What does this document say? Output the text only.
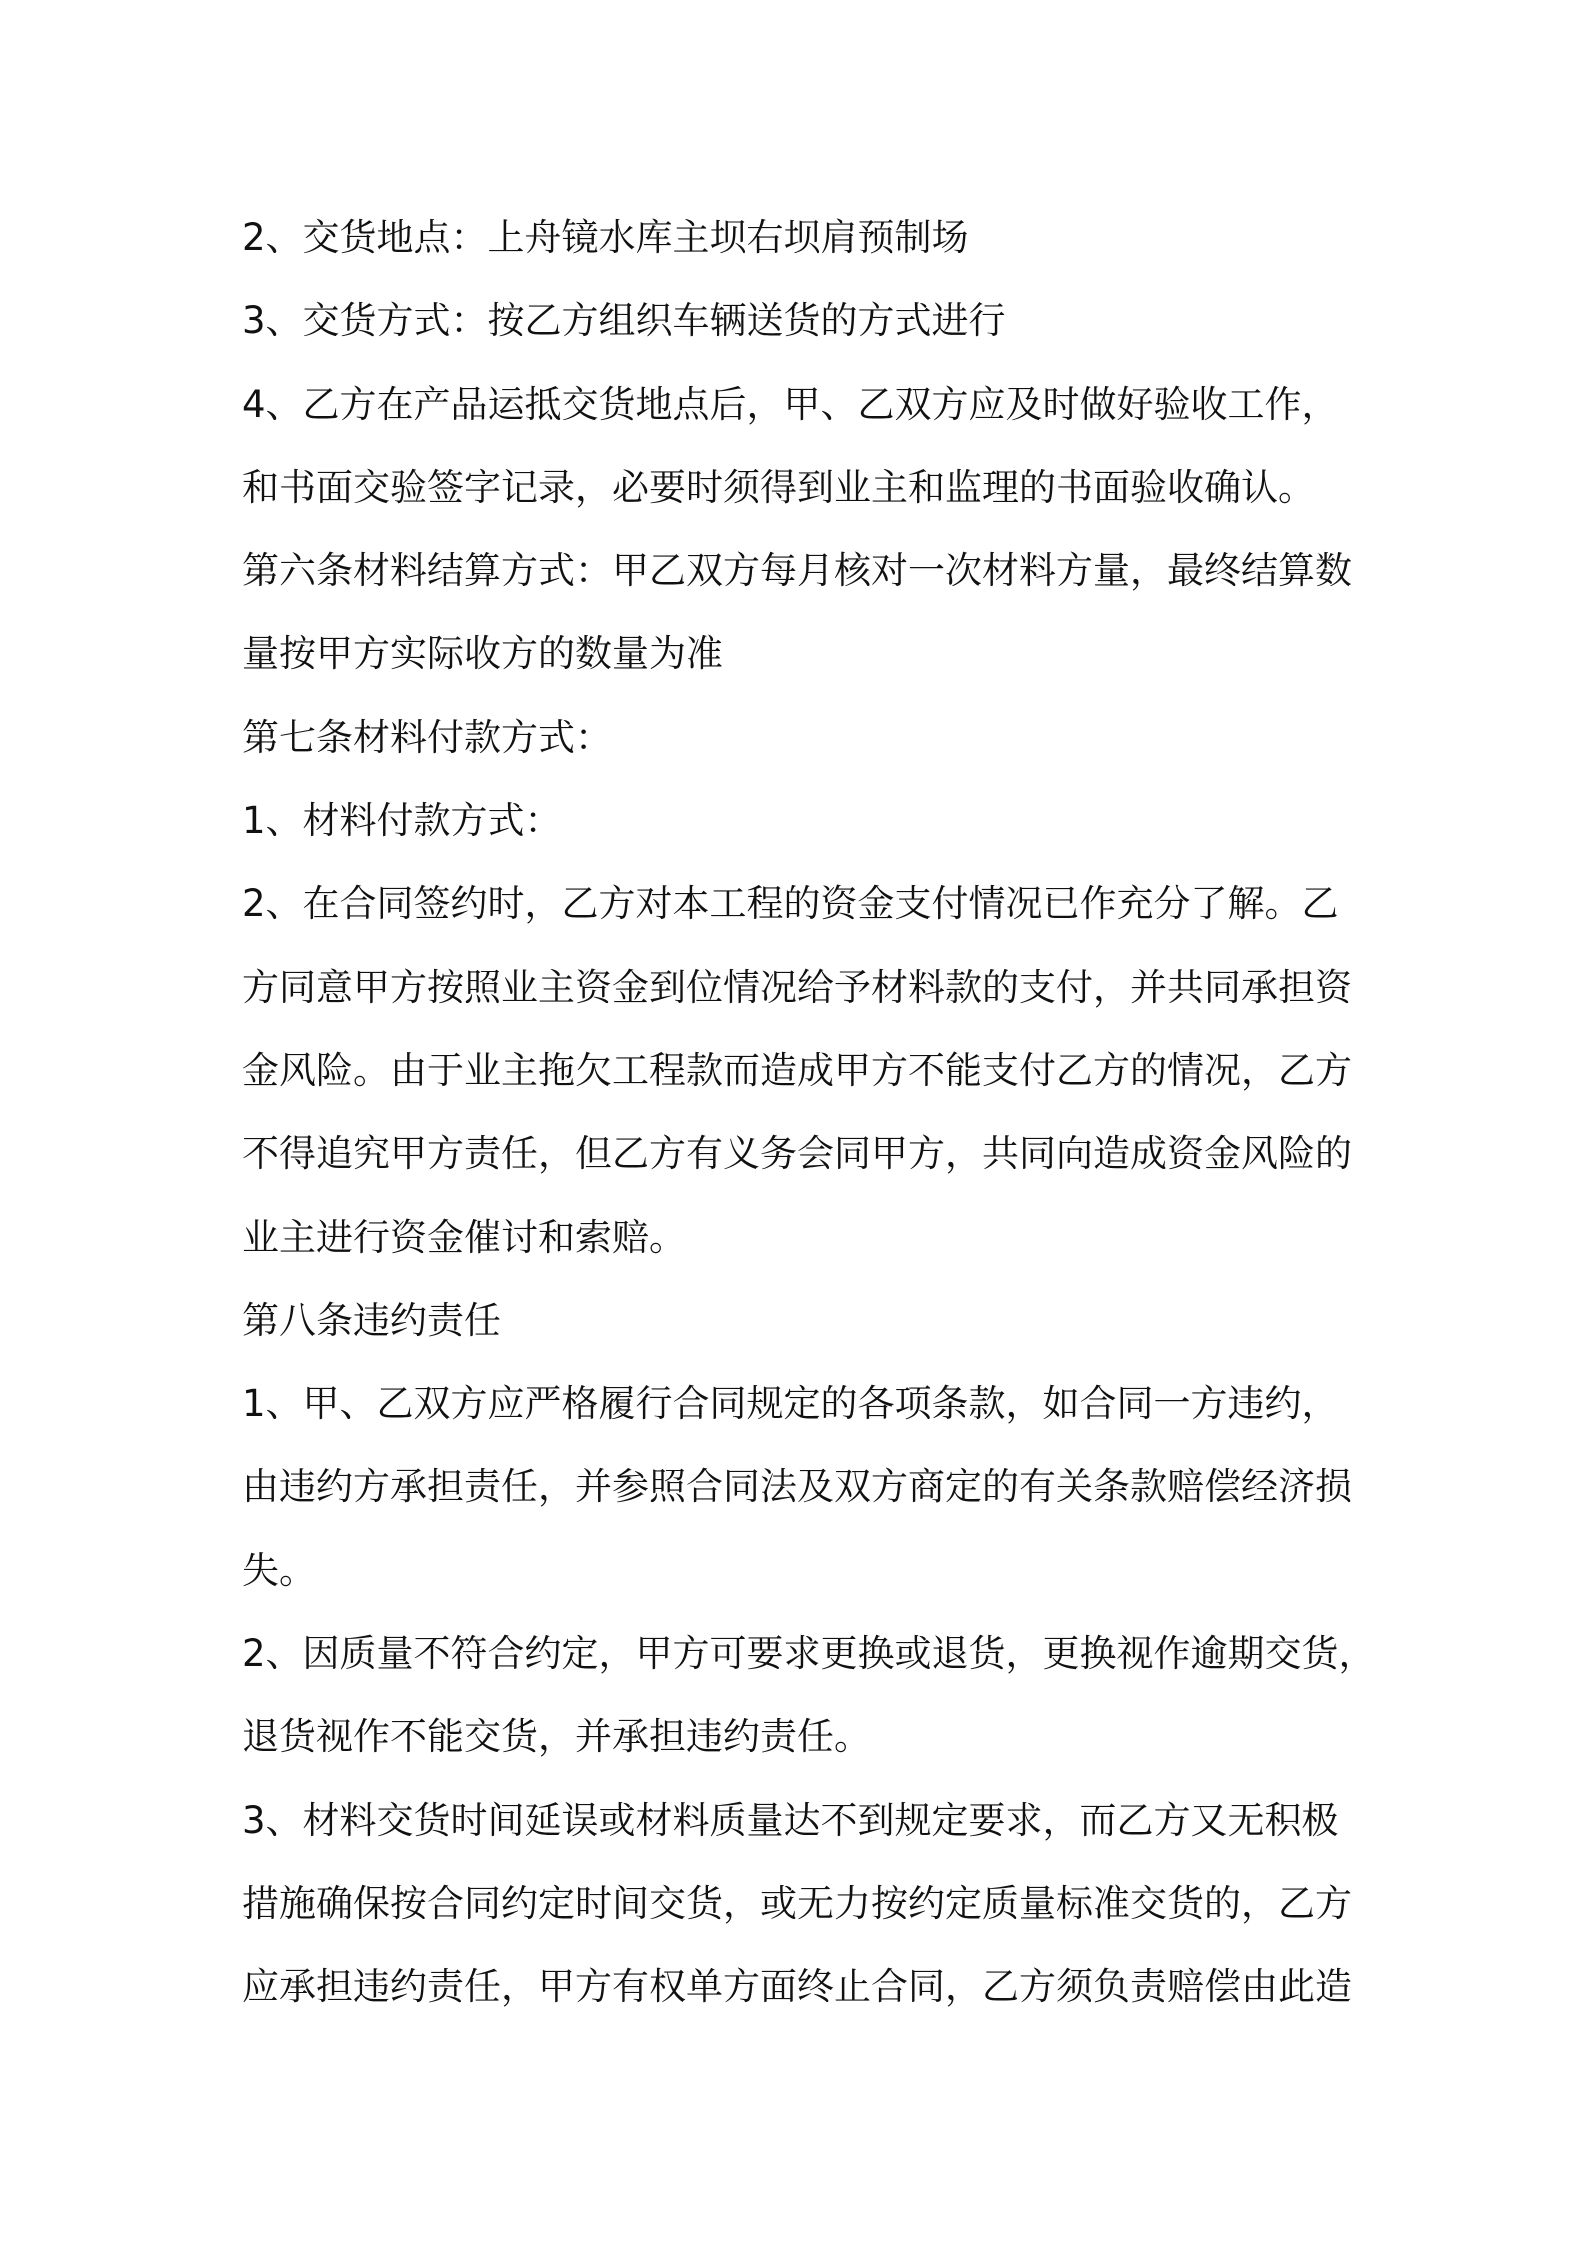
2、交货地点：上舟镜水库主坝右坝肩预制场

3、交货方式：按乙方组织车辆送货的方式进行

4、乙方在产品运抵交货地点后，甲、乙双方应及时做好验收工作，

和书面交验签字记录，必要时须得到业主和监理的书面验收确认。

第六条材料结算方式：甲乙双方每月核对一次材料方量，最终结算数

量按甲方实际收方的数量为准

第七条材料付款方式：

1、材料付款方式：

2、在合同签约时，乙方对本工程的资金支付情况已作充分了解。乙

方同意甲方按照业主资金到位情况给予材料款的支付，并共同承担资

金风险。由于业主拖欠工程款而造成甲方不能支付乙方的情况，乙方

不得追究甲方责任，但乙方有义务会同甲方，共同向造成资金风险的

业主进行资金催讨和索赔。

第八条违约责任

1、甲、乙双方应严格履行合同规定的各项条款，如合同一方违约，

由违约方承担责任，并参照合同法及双方商定的有关条款赔偿经济损

失。

2、因质量不符合约定，甲方可要求更换或退货，更换视作逾期交货，

退货视作不能交货，并承担违约责任。

3、材料交货时间延误或材料质量达不到规定要求，而乙方又无积极

措施确保按合同约定时间交货，或无力按约定质量标准交货的，乙方

应承担违约责任，甲方有权单方面终止合同，乙方须负责赔偿由此造
